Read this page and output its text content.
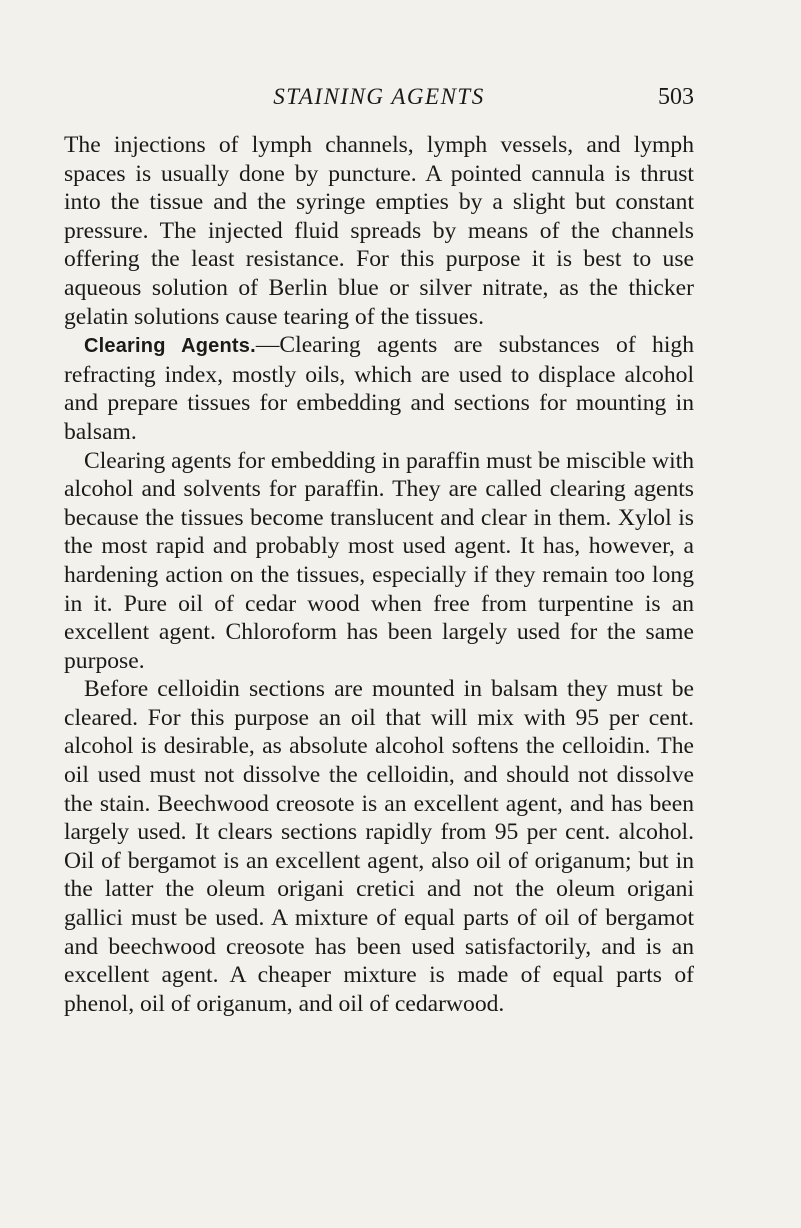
STAINING AGENTS	503

The injections of lymph channels, lymph vessels, and lymph spaces is usually done by puncture. A pointed cannula is thrust into the tissue and the syringe empties by a slight but constant pressure. The injected fluid spreads by means of the channels offering the least resistance. For this purpose it is best to use aqueous solution of Berlin blue or silver nitrate, as the thicker gelatin solutions cause tearing of the tissues.

Clearing Agents.—Clearing agents are substances of high refracting index, mostly oils, which are used to displace alcohol and prepare tissues for embedding and sections for mounting in balsam.

Clearing agents for embedding in paraffin must be miscible with alcohol and solvents for paraffin. They are called clearing agents because the tissues become translucent and clear in them. Xylol is the most rapid and probably most used agent. It has, however, a hardening action on the tissues, especially if they remain too long in it. Pure oil of cedar wood when free from turpentine is an excellent agent. Chloroform has been largely used for the same purpose.

Before celloidin sections are mounted in balsam they must be cleared. For this purpose an oil that will mix with 95 per cent. alcohol is desirable, as absolute alcohol softens the celloidin. The oil used must not dissolve the celloidin, and should not dissolve the stain. Beechwood creosote is an excellent agent, and has been largely used. It clears sections rapidly from 95 per cent. alcohol. Oil of bergamot is an excellent agent, also oil of origanum; but in the latter the oleum origani cretici and not the oleum origani gallici must be used. A mixture of equal parts of oil of bergamot and beechwood creosote has been used satisfactorily, and is an excellent agent. A cheaper mixture is made of equal parts of phenol, oil of origanum, and oil of cedarwood.
